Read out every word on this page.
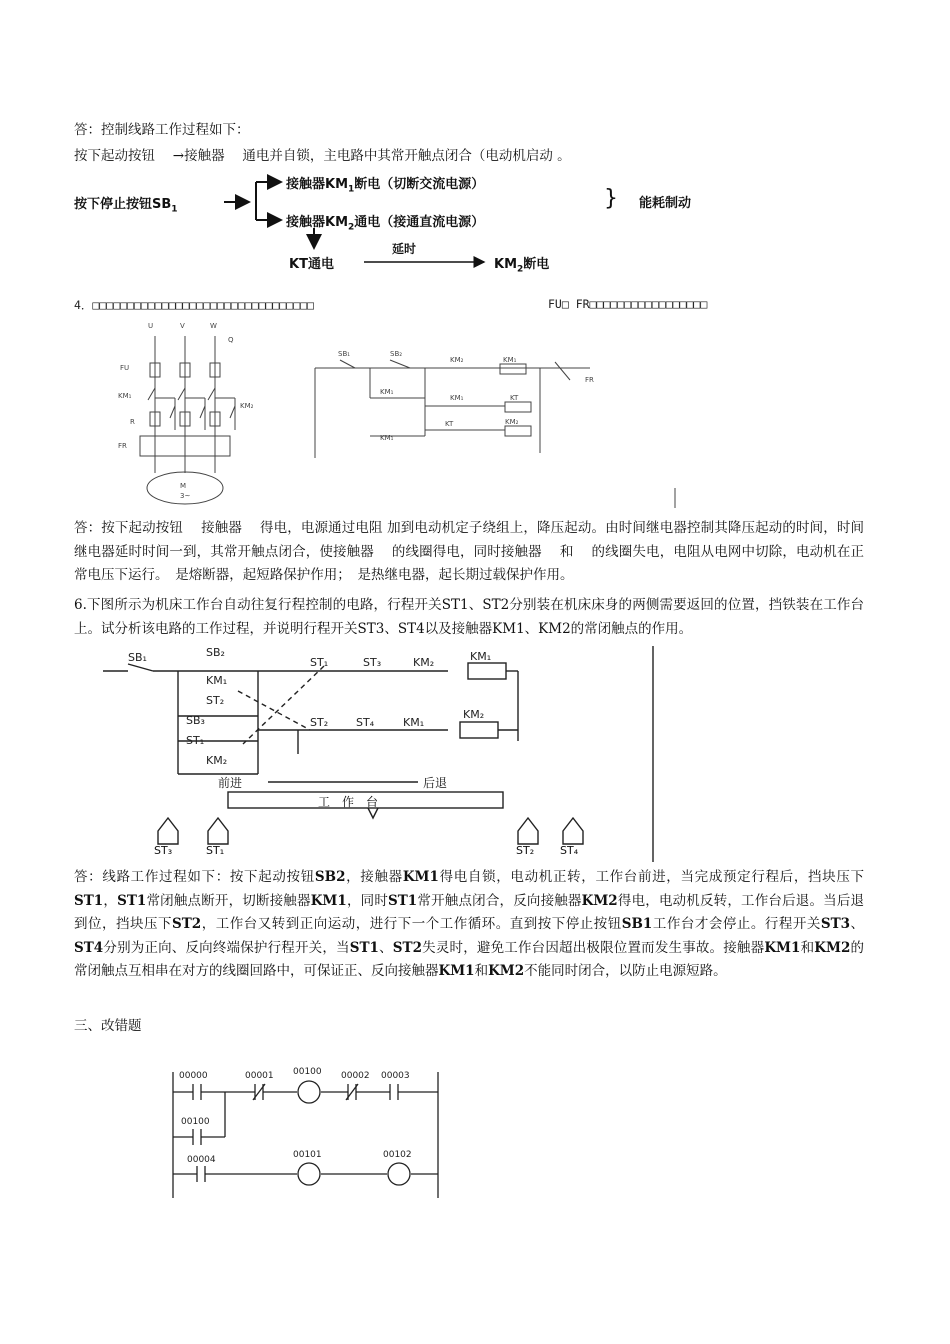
答：控制线路工作过程如下：
按下起动按钮　 →接触器　 通电并自锁，主电路中其常开触点闭合（电动机启动 。
按下停止按钮$SB_1$
接触器$KM_1$断电（切断交流电源）
接触器$KM_2$通电（接通直流电源）
} 能耗制动
KT通电
延时
$KM_2$断电
4．□□□□□□□□□□□□□□□□□□□□□□□□□□□□□□□□	FU□ FR□□□□□□□□□□□□□□□□□
U	V	W
Q
FU
KM₁
R
KM₂
FR
M
3~
SB₁	SB₂
KM₂	KM₁
FR
KM₁
KM₁	KT
KT	KM₂
KM₁
答：按下起动按钮　 接触器　 得电，电源通过电阻 加到电动机定子绕组上，降压起动。由时间继电器控制其降压起动的时间，时间继电器延时时间一到，其常开触点闭合，使接触器　 的线圈得电，同时接触器　 和　 的线圈失电，电阻从电网中切除，电动机在正常电压下运行。　是熔断器，起短路保护作用；　是热继电器，起长期过载保护作用。
6.下图所示为机床工作台自动往复行程控制的电路，行程开关ST1、ST2分别装在机床床身的两侧需要返回的位置，挡铁装在工作台上。试分析该电路的工作过程，并说明行程开关ST3、ST4以及接触器KM1、KM2的常闭触点的作用。
SB₁	SB₂
KM₁
ST₂
SB₃
ST₁
KM₂
ST₁	ST₃	KM₂	KM₁
ST₂	ST₄	KM₁
KM₂
前进	后退
工　作　台
ST₃	ST₁	ST₂ ST₄
答：线路工作过程如下：按下起动按钮SB2，接触器KM1得电自锁，电动机正转，工作台前进，当完成预定行程后，挡块压下ST1，ST1常闭触点断开，切断接触器KM1，同时ST1常开触点闭合，反向接触器KM2得电，电动机反转，工作台后退。当后退到位，挡块压下ST2，工作台又转到正向运动，进行下一个工作循环。直到按下停止按钮SB1工作台才会停止。行程开关ST3、ST4分别为正向、反向终端保护行程开关，当ST1、ST2失灵时，避免工作台因超出极限位置而发生事故。接触器KM1和KM2的常闭触点互相串在对方的线圈回路中，可保证正、反向接触器KM1和KM2不能同时闭合，以防止电源短路。
三、改错题
00000	00001 00100 00002 00003
00100
00004	00101	00102
